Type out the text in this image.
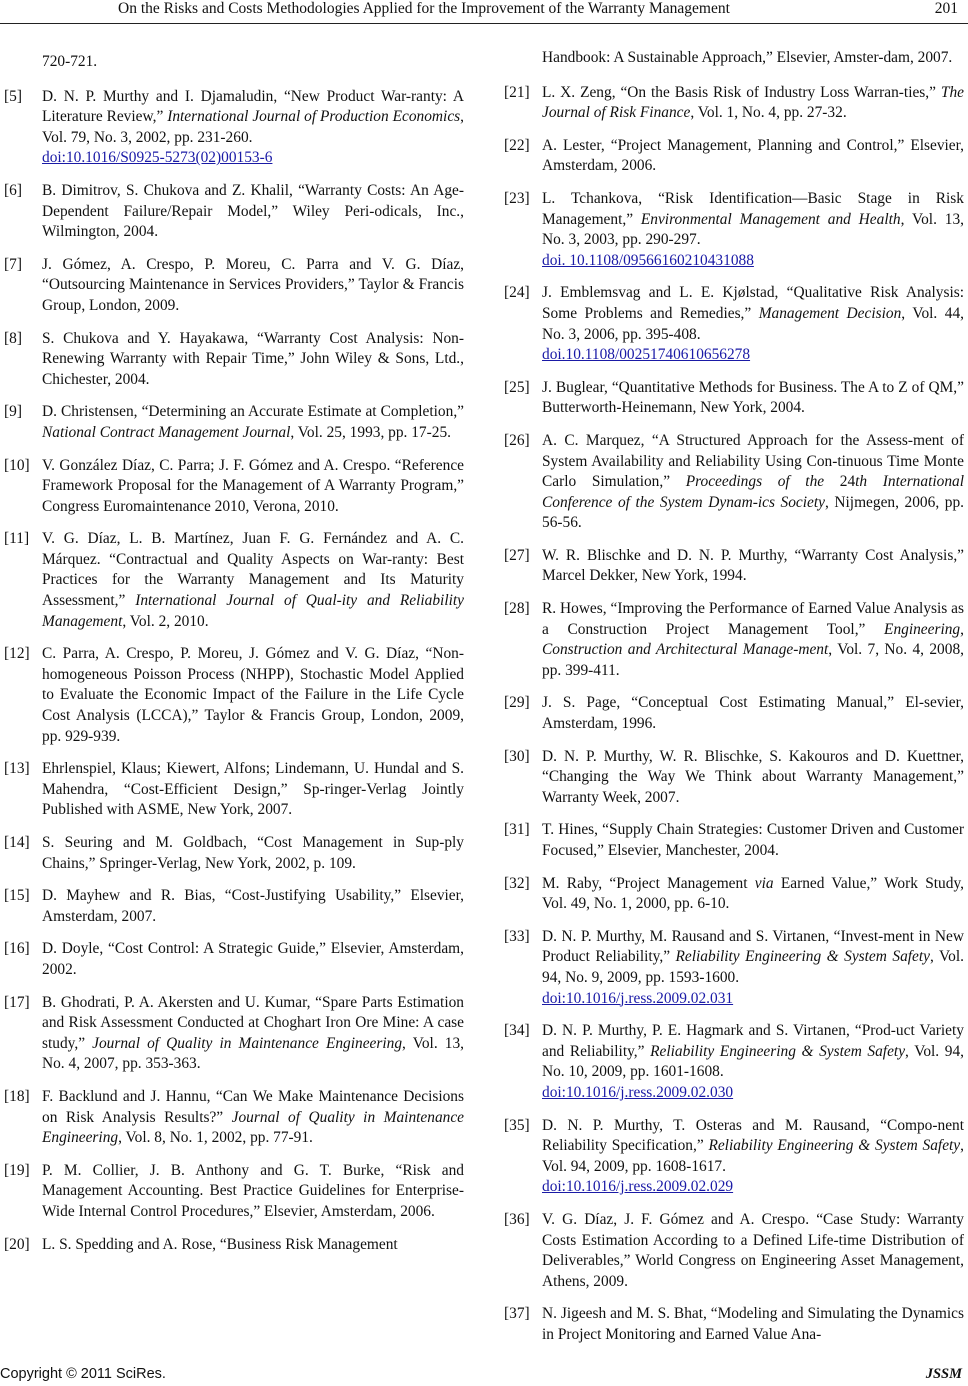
On the Risks and Costs Methodologies Applied for the Improvement of the Warranty Management	201
720-721.
[5] D. N. P. Murthy and I. Djamaludin, “New Product War-ranty: A Literature Review,” International Journal of Production Economics, Vol. 79, No. 3, 2002, pp. 231-260.
doi:10.1016/S0925-5273(02)00153-6
[6] B. Dimitrov, S. Chukova and Z. Khalil, “Warranty Costs: An Age-Dependent Failure/Repair Model,” Wiley Peri-odicals, Inc., Wilmington, 2004.
[7] J. Gómez, A. Crespo, P. Moreu, C. Parra and V. G. Díaz, “Outsourcing Maintenance in Services Providers,” Taylor & Francis Group, London, 2009.
[8] S. Chukova and Y. Hayakawa, “Warranty Cost Analysis: Non-Renewing Warranty with Repair Time,” John Wiley & Sons, Ltd., Chichester, 2004.
[9] D. Christensen, “Determining an Accurate Estimate at Completion,” National Contract Management Journal, Vol. 25, 1993, pp. 17-25.
[10] V. González Díaz, C. Parra; J. F. Gómez and A. Crespo. “Reference Framework Proposal for the Management of A Warranty Program,” Congress Euromaintenance 2010, Verona, 2010.
[11] V. G. Díaz, L. B. Martínez, Juan F. G. Fernández and A. C. Márquez. “Contractual and Quality Aspects on War-ranty: Best Practices for the Warranty Management and Its Maturity Assessment,” International Journal of Qual-ity and Reliability Management, Vol. 2, 2010.
[12] C. Parra, A. Crespo, P. Moreu, J. Gómez and V. G. Díaz, “Non-homogeneous Poisson Process (NHPP), Stochastic Model Applied to Evaluate the Economic Impact of the Failure in the Life Cycle Cost Analysis (LCCA),” Taylor & Francis Group, London, 2009, pp. 929-939.
[13] Ehrlenspiel, Klaus; Kiewert, Alfons; Lindemann, U. Hundal and S. Mahendra, “Cost-Efficient Design,” Sp-ringer-Verlag Jointly Published with ASME, New York, 2007.
[14] S. Seuring and M. Goldbach, “Cost Management in Sup-ply Chains,” Springer-Verlag, New York, 2002, p. 109.
[15] D. Mayhew and R. Bias, “Cost-Justifying Usability,” Elsevier, Amsterdam, 2007.
[16] D. Doyle, “Cost Control: A Strategic Guide,” Elsevier, Amsterdam, 2002.
[17] B. Ghodrati, P. A. Akersten and U. Kumar, “Spare Parts Estimation and Risk Assessment Conducted at Choghart Iron Ore Mine: A case study,” Journal of Quality in Maintenance Engineering, Vol. 13, No. 4, 2007, pp. 353-363.
[18] F. Backlund and J. Hannu, “Can We Make Maintenance Decisions on Risk Analysis Results?” Journal of Quality in Maintenance Engineering, Vol. 8, No. 1, 2002, pp. 77-91.
[19] P. M. Collier, J. B. Anthony and G. T. Burke, “Risk and Management Accounting. Best Practice Guidelines for Enterprise-Wide Internal Control Procedures,” Elsevier, Amsterdam, 2006.
[20] L. S. Spedding and A. Rose, “Business Risk Management
Handbook: A Sustainable Approach,” Elsevier, Amster-dam, 2007.
[21] L. X. Zeng, “On the Basis Risk of Industry Loss Warran-ties,” The Journal of Risk Finance, Vol. 1, No. 4, pp. 27-32.
[22] A. Lester, “Project Management, Planning and Control,” Elsevier, Amsterdam, 2006.
[23] L. Tchankova, “Risk Identification—Basic Stage in Risk Management,” Environmental Management and Health, Vol. 13, No. 3, 2003, pp. 290-297.
doi. 10.1108/09566160210431088
[24] J. Emblemsvag and L. E. Kjølstad, “Qualitative Risk Analysis: Some Problems and Remedies,” Management Decision, Vol. 44, No. 3, 2006, pp. 395-408.
doi.10.1108/00251740610656278
[25] J. Buglear, “Quantitative Methods for Business. The A to Z of QM,” Butterworth-Heinemann, New York, 2004.
[26] A. C. Marquez, “A Structured Approach for the Assess-ment of System Availability and Reliability Using Con-tinuous Time Monte Carlo Simulation,” Proceedings of the 24th International Conference of the System Dynam-ics Society, Nijmegen, 2006, pp. 56-56.
[27] W. R. Blischke and D. N. P. Murthy, “Warranty Cost Analysis,” Marcel Dekker, New York, 1994.
[28] R. Howes, “Improving the Performance of Earned Value Analysis as a Construction Project Management Tool,” Engineering, Construction and Architectural Manage-ment, Vol. 7, No. 4, 2008, pp. 399-411.
[29] J. S. Page, “Conceptual Cost Estimating Manual,” El-sevier, Amsterdam, 1996.
[30] D. N. P. Murthy, W. R. Blischke, S. Kakouros and D. Kuettner, “Changing the Way We Think about Warranty Management,” Warranty Week, 2007.
[31] T. Hines, “Supply Chain Strategies: Customer Driven and Customer Focused,” Elsevier, Manchester, 2004.
[32] M. Raby, “Project Management via Earned Value,” Work Study, Vol. 49, No. 1, 2000, pp. 6-10.
[33] D. N. P. Murthy, M. Rausand and S. Virtanen, “Invest-ment in New Product Reliability,” Reliability Engineering & System Safety, Vol. 94, No. 9, 2009, pp. 1593-1600.
doi:10.1016/j.ress.2009.02.031
[34] D. N. P. Murthy, P. E. Hagmark and S. Virtanen, “Prod-uct Variety and Reliability,” Reliability Engineering & System Safety, Vol. 94, No. 10, 2009, pp. 1601-1608.
doi:10.1016/j.ress.2009.02.030
[35] D. N. P. Murthy, T. Osteras and M. Rausand, “Compo-nent Reliability Specification,” Reliability Engineering & System Safety, Vol. 94, 2009, pp. 1608-1617.
doi:10.1016/j.ress.2009.02.029
[36] V. G. Díaz, J. F. Gómez and A. Crespo. “Case Study: Warranty Costs Estimation According to a Defined Life-time Distribution of Deliverables,” World Congress on Engineering Asset Management, Athens, 2009.
[37] N. Jigeesh and M. S. Bhat, “Modeling and Simulating the Dynamics in Project Monitoring and Earned Value Ana-
Copyright © 2011 SciRes.	JSSM
